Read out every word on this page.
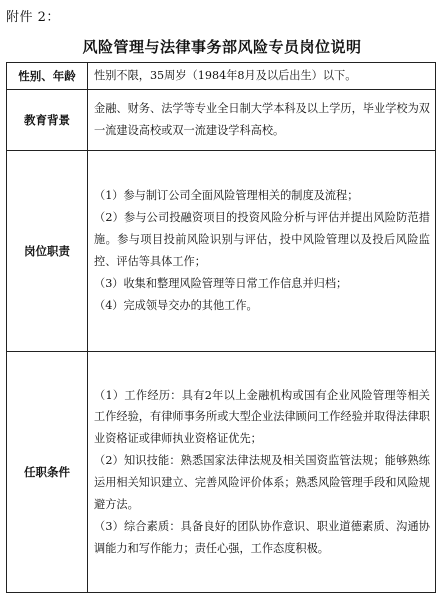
附件 2：
风险管理与法律事务部风险专员岗位说明
性别、年龄	性别不限，35周岁（1984年8月及以后出生）以下。

教育背景	金融、财务、法学等专业全日制大学本科及以上学历，毕业学校为双一流建设高校或双一流建设学科高校。

岗位职责	（1）参与制订公司全面风险管理相关的制度及流程；
（2）参与公司投融资项目的投资风险分析与评估并提出风险防范措施。参与项目投前风险识别与评估，投中风险管理以及投后风险监控、评估等具体工作；
（3）收集和整理风险管理等日常工作信息并归档；
（4）完成领导交办的其他工作。

任职条件	（1）工作经历：具有2年以上金融机构或国有企业风险管理等相关工作经验，有律师事务所或大型企业法律顾问工作经验并取得法律职业资格证或律师执业资格证优先；
（2）知识技能：熟悉国家法律法规及相关国资监管法规；能够熟练运用相关知识建立、完善风险评价体系；熟悉风险管理手段和风险规避方法。
（3）综合素质：具备良好的团队协作意识、职业道德素质、沟通协调能力和写作能力；责任心强，工作态度积极。
